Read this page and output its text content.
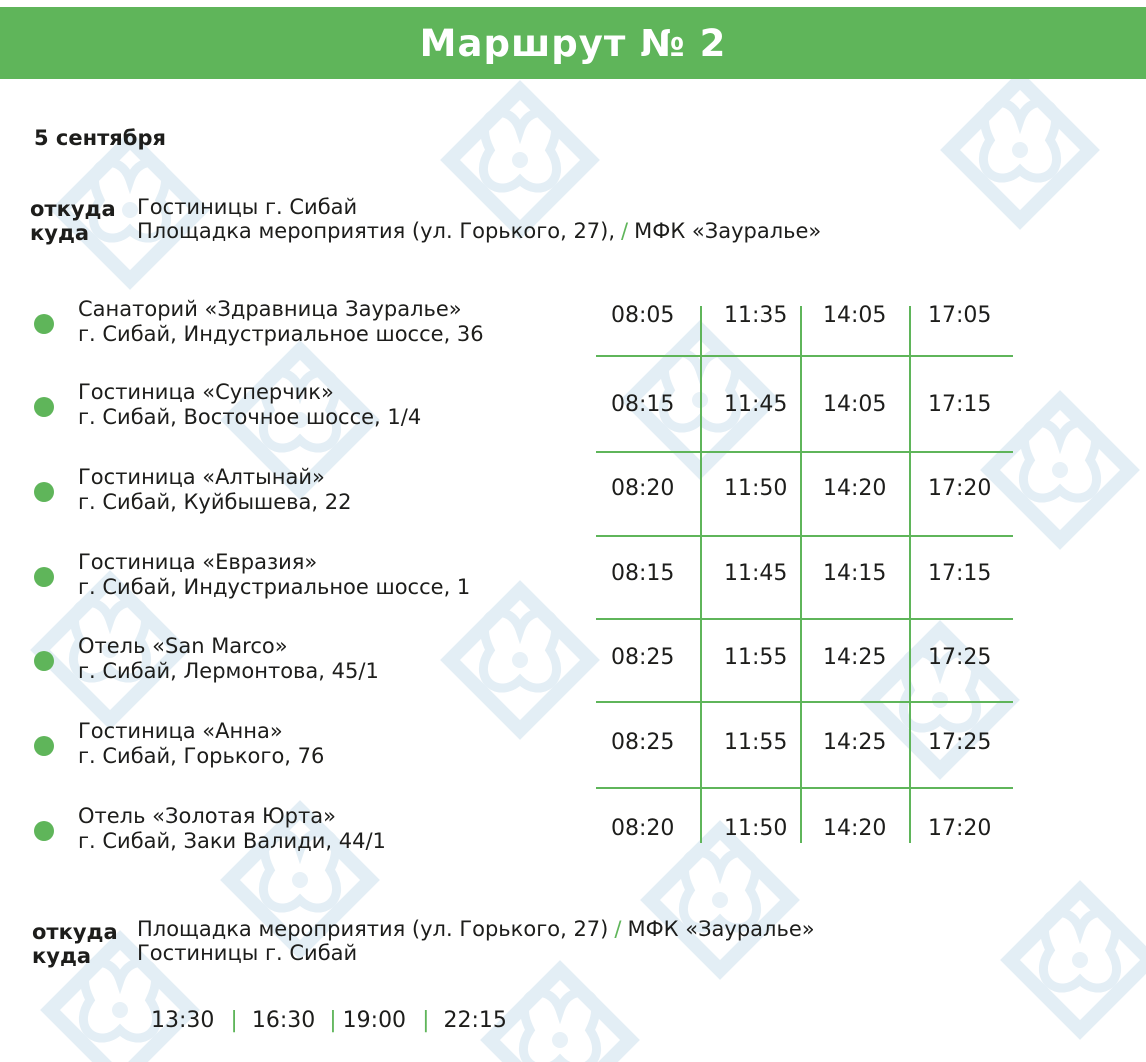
Маршрут № 2
5 сентября
откуда
куда
Гостиницы г. Сибай
Площадка мероприятия (ул. Горького, 27), / МФК «Зауралье»
Санаторий «Здравница Зауралье»
г. Сибай, Индустриальное шоссе, 36
Гостиница «Суперчик»
г. Сибай, Восточное шоссе, 1/4
Гостиница «Алтынай»
г. Сибай, Куйбышева, 22
Гостиница «Евразия»
г. Сибай, Индустриальное шоссе, 1
Отель «San Marco»
г. Сибай, Лермонтова, 45/1
Гостиница «Анна»
г. Сибай, Горького, 76
Отель «Золотая Юрта»
г. Сибай, Заки Валиди, 44/1
08:05 11:35 14:05 17:05
08:15 11:45 14:05 17:15
08:20 11:50 14:20 17:20
08:15 11:45 14:15 17:15
08:25 11:55 14:25 17:25
08:25 11:55 14:25 17:25
08:20 11:50 14:20 17:20
откуда
куда
Площадка мероприятия (ул. Горького, 27) / МФК «Зауралье»
Гостиницы г. Сибай
13:30 | 16:30 | 19:00 | 22:15
